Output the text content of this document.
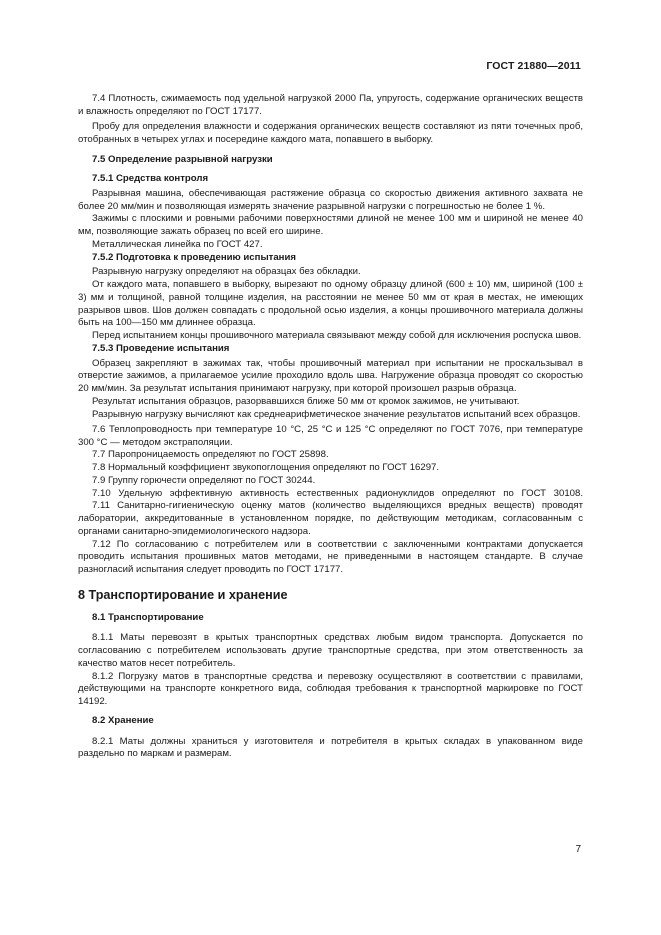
ГОСТ 21880—2011

7.4 Плотность, сжимаемость под удельной нагрузкой 2000 Па, упругость, содержание органических веществ и влажность определяют по ГОСТ 17177.

Пробу для определения влажности и содержания органических веществ составляют из пяти точечных проб, отобранных в четырех углах и посередине каждого мата, попавшего в выборку.

7.5 Определение разрывной нагрузки
7.5.1 Средства контроля

Разрывная машина, обеспечивающая растяжение образца со скоростью движения активного захвата не более 20 мм/мин и позволяющая измерять значение разрывной нагрузки с погрешностью не более 1 %.

Зажимы с плоскими и ровными рабочими поверхностями длиной не менее 100 мм и шириной не менее 40 мм, позволяющие зажать образец по всей его ширине.

Металлическая линейка по ГОСТ 427.

7.5.2 Подготовка к проведению испытания

Разрывную нагрузку определяют на образцах без обкладки.

От каждого мата, попавшего в выборку, вырезают по одному образцу длиной (600 ± 10) мм, шириной (100 ± 3) мм и толщиной, равной толщине изделия, на расстоянии не менее 50 мм от края в местах, не имеющих разрывов швов. Шов должен совпадать с продольной осью изделия, а концы прошивочного материала должны быть на 100—150 мм длиннее образца.

Перед испытанием концы прошивочного материала связывают между собой для исключения роспуска швов.

7.5.3 Проведение испытания

Образец закрепляют в зажимах так, чтобы прошивочный материал при испытании не проскальзывал в отверстие зажимов, а прилагаемое усилие проходило вдоль шва. Нагружение образца проводят со скоростью 20 мм/мин. За результат испытания принимают нагрузку, при которой произошел разрыв образца.

Результат испытания образцов, разорвавшихся ближе 50 мм от кромок зажимов, не учитывают.

Разрывную нагрузку вычисляют как среднеарифметическое значение результатов испытаний всех образцов.

7.6 Теплопроводность при температуре 10 °С, 25 °С и 125 °С определяют по ГОСТ 7076, при температуре 300 °С — методом экстраполяции.

7.7 Паропроницаемость определяют по ГОСТ 25898.

7.8 Нормальный коэффициент звукопоглощения определяют по ГОСТ 16297.

7.9 Группу горючести определяют по ГОСТ 30244.

7.10 Удельную эффективную активность естественных радионуклидов определяют по ГОСТ 30108.

7.11 Санитарно-гигиеническую оценку матов (количество выделяющихся вредных веществ) проводят лаборатории, аккредитованные в установленном порядке, по действующим методикам, согласованным с органами санитарно-эпидемиологического надзора.

7.12 По согласованию с потребителем или в соответствии с заключенными контрактами допускается проводить испытания прошивных матов методами, не приведенными в настоящем стандарте. В случае разногласий испытания следует проводить по ГОСТ 17177.

8 Транспортирование и хранение
8.1 Транспортирование

8.1.1 Маты перевозят в крытых транспортных средствах любым видом транспорта. Допускается по согласованию с потребителем использовать другие транспортные средства, при этом ответственность за качество матов несет потребитель.

8.1.2 Погрузку матов в транспортные средства и перевозку осуществляют в соответствии с правилами, действующими на транспорте конкретного вида, соблюдая требования к транспортной маркировке по ГОСТ 14192.

8.2 Хранение

8.2.1 Маты должны храниться у изготовителя и потребителя в крытых складах в упакованном виде раздельно по маркам и размерам.

7
